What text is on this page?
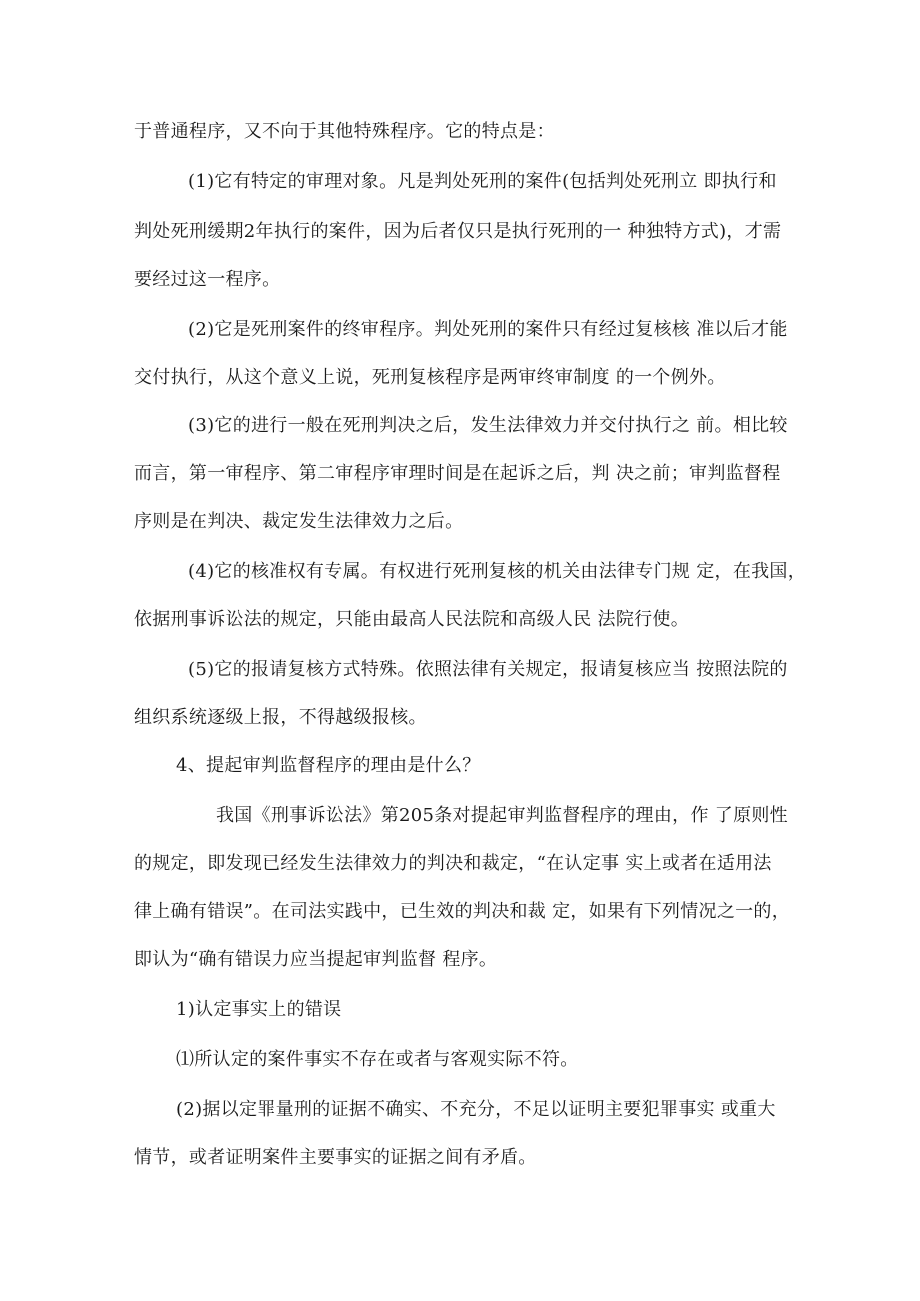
于普通程序，又不向于其他特殊程序。它的特点是：
(1)它有特定的审理对象。凡是判处死刑的案件(包括判处死刑立 即执行和
判处死刑缓期2年执行的案件，因为后者仅只是执行死刑的一 种独特方式)，才需
要经过这一程序。
(2)它是死刑案件的终审程序。判处死刑的案件只有经过复核核 准以后才能
交付执行，从这个意义上说，死刑复核程序是两审终审制度 的一个例外。
(3)它的进行一般在死刑判决之后，发生法律效力并交付执行之 前。相比较
而言，第一审程序、第二审程序审理时间是在起诉之后，判 决之前；审判监督程
序则是在判决、裁定发生法律效力之后。
(4)它的核准权有专属。有权进行死刑复核的机关由法律专门规 定，在我国，
依据刑事诉讼法的规定，只能由最高人民法院和高级人民 法院行使。
(5)它的报请复核方式特殊。依照法律有关规定，报请复核应当 按照法院的
组织系统逐级上报，不得越级报核。
4、提起审判监督程序的理由是什么？
我国《刑事诉讼法》第205条对提起审判监督程序的理由，作 了原则性
的规定，即发现已经发生法律效力的判决和裁定，“在认定事 实上或者在适用法
律上确有错误”。在司法实践中，已生效的判决和裁 定，如果有下列情况之一的，
即认为“确有错误力应当提起审判监督 程序。
1)认定事实上的错误
⑴所认定的案件事实不存在或者与客观实际不符。
(2)据以定罪量刑的证据不确实、不充分，不足以证明主要犯罪事实 或重大
情节，或者证明案件主要事实的证据之间有矛盾。
